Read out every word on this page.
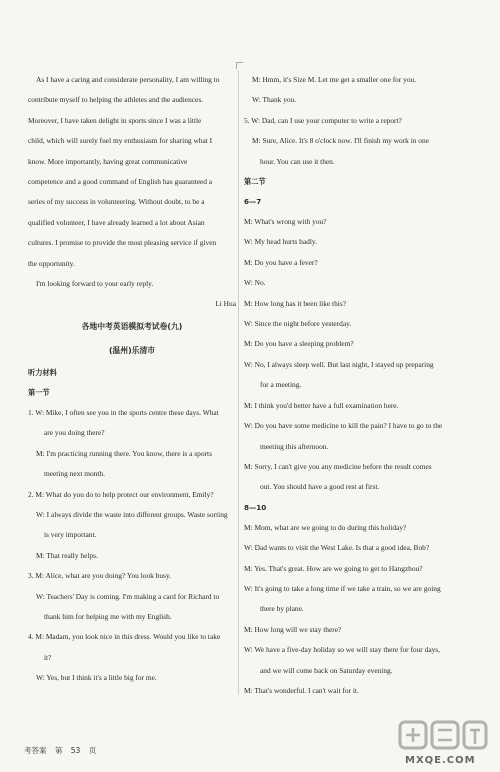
As I have a caring and considerate personality, I am willing to
contribute myself to helping the athletes and the audiences.
Moreover, I have taken delight in sports since I was a little
child, which will surely fuel my enthusiasm for sharing what I
know. More importantly, having great communicative
competence and a good command of English has guaranteed a
series of my success in volunteering. Without doubt, to be a
qualified volunteer, I have already learned a lot about Asian
cultures. I promise to provide the most pleasing service if given
the opportunity.
I'm looking forward to your early reply.
Li Hua
各地中考英语模拟考试卷(九)
(温州)乐清市
听力材料
第一节
1. W: Mike, I often see you in the sports centre these days. What
are you doing there?
M: I'm practicing running there. You know, there is a sports
meeting next month.
2. M: What do you do to help protect our environment, Emily?
W: I always divide the waste into different groups. Waste sorting
is very important.
M: That really helps.
3. M: Alice, what are you doing? You look busy.
W: Teachers' Day is coming. I'm making a card for Richard to
thank him for helping me with my English.
4. M: Madam, you look nice in this dress. Would you like to take
it?
W: Yes, but I think it's a little big for me.
M: Hmm, it's Size M. Let me get a smaller one for you.
W: Thank you.
5. W: Dad, can I use your computer to write a report?
M: Sure, Alice. It's 8 o'clock now. I'll finish my work in one
hour. You can use it then.
第二节
6—7
M: What's wrong with you?
W: My head hurts badly.
M: Do you have a fever?
W: No.
M: How long has it been like this?
W: Since the night before yesterday.
M: Do you have a sleeping problem?
W: No, I always sleep well. But last night, I stayed up preparing
for a meeting.
M: I think you'd better have a full examination here.
W: Do you have some medicine to kill the pain? I have to go to the
meeting this afternoon.
M: Sorry, I can't give you any medicine before the result comes
out. You should have a good rest at first.
8—10
M: Mom, what are we going to do during this holiday?
W: Dad wants to visit the West Lake. Is that a good idea, Bob?
M: Yes. That's great. How are we going to get to Hangzhou?
W: It's going to take a long time if we take a train, so we are going
there by plane.
M: How long will we stay there?
W: We have a five-day holiday so we will stay there for four days,
and we will come back on Saturday evening.
M: That's wonderful. I can't wait for it.
考答案 第 53 页
MXQE.COM
